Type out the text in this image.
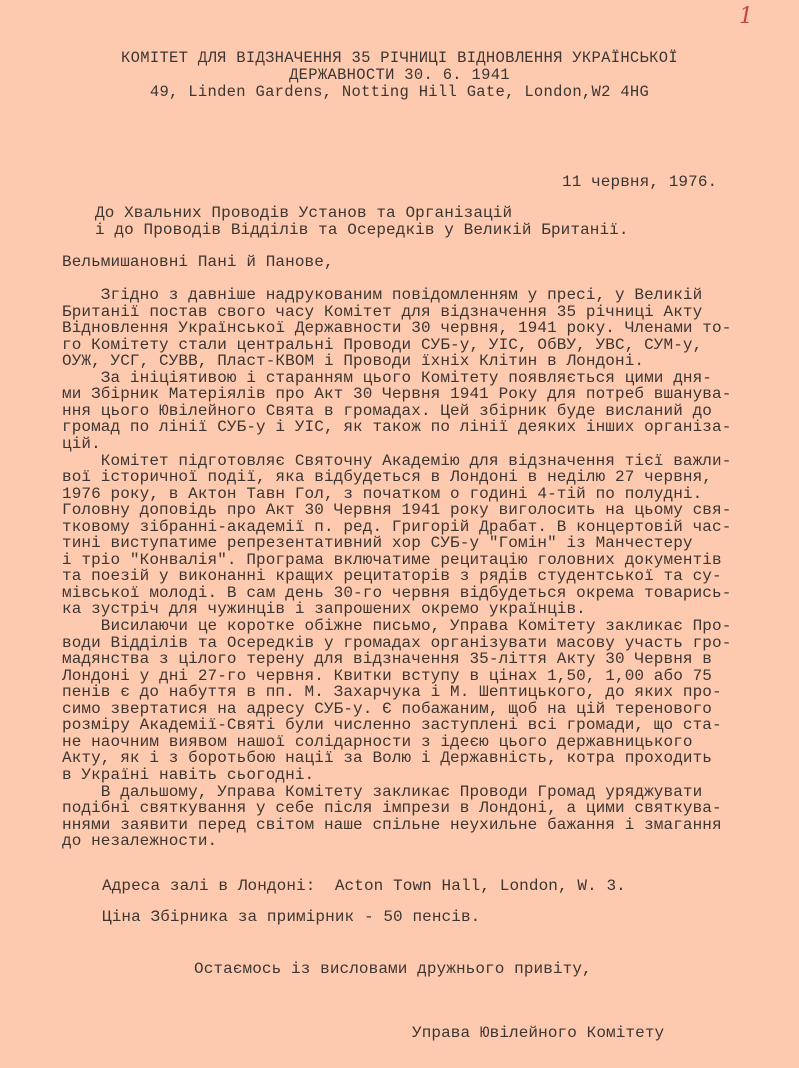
1
КОМІТЕТ ДЛЯ ВІДЗНАЧЕННЯ 35 РІЧНИЦІ ВІДНОВЛЕННЯ УКРАЇНСЬКОЇ
ДЕРЖАВНОСТИ 30. 6. 1941
49, Linden Gardens, Notting Hill Gate, London,W2 4HG
11 червня, 1976.
До Хвальних Проводів Установ та Організацій
і до Проводів Відділів та Осередків у Великій Британії.
Вельмишановні Пані й Панове,
Згідно з давніше надрукованим повідомленням у пресі, у Великій
Британії постав свого часу Комітет для відзначення 35 річниці Акту
Відновлення Української Державности 30 червня, 1941 року. Членами то-
го Комітету стали центральні Проводи СУБ-у, УІС, ОбВУ, УВС, СУМ-у,
ОУЖ, УСГ, СУВВ, Пласт-КВОМ і Проводи їхніх Клітин в Лондоні.
За ініціятивою і старанням цього Комітету появляється цими дня-
ми Збірник Матеріялів про Акт 30 Червня 1941 Року для потреб вшанува-
ння цього Ювілейного Свята в громадах. Цей збірник буде висланий до
громад по лінії СУБ-у і УІС, як також по лінії деяких інших організа-
цій.
Комітет підготовляє Святочну Академію для відзначення тієї важли-
вої історичної події, яка відбудеться в Лондоні в неділю 27 червня,
1976 року, в Актон Тавн Гол, з початком о годині 4-тій по полудні.
Головну доповідь про Акт 30 Червня 1941 року виголосить на цьому свя-
тковому зібранні-академії п. ред. Григорій Драбат. В концертовій час-
тині виступатиме репрезентативний хор СУБ-у "Гомін" із Манчестеру
і тріо "Конвалія". Програма включатиме рецитацію головних документів
та поезій у виконанні кращих рецитаторів з рядів студентської та су-
мівської молоді. В сам день 30-го червня відбудеться окрема товарись-
ка зустріч для чужинців і запрошених окремо українців.
Висилаючи це коротке обіжне письмо, Управа Комітету закликає Про-
води Відділів та Осередків у громадах організувати масову участь гро-
мадянства з цілого терену для відзначення 35-ліття Акту 30 Червня в
Лондоні у дні 27-го червня. Квитки вступу в цінах 1,50, 1,00 або 75
пенів є до набуття в пп. М. Захарчука і М. Шептицького, до яких про-
симо звертатися на адресу СУБ-у. Є побажаним, щоб на цій теренового
розміру Академії-Святі були численно заступлені всі громади, що ста-
не наочним виявом нашої солідарности з ідеєю цього державницького
Акту, як і з боротьбою нації за Волю і Державність, котра проходить
в Україні навіть сьогодні.
В дальшому, Управа Комітету закликає Проводи Громад уряджувати
подібні святкування у себе після імпрези в Лондоні, а цими святкува-
ннями заявити перед світом наше спільне неухильне бажання і змагання
до незалежности.
Адреса залі в Лондоні:  Acton Town Hall, London, W. 3.
Ціна Збірника за примірник - 50 пенсів.
Остаємось із висловами дружнього привіту,
Управа Ювілейного Комітету
